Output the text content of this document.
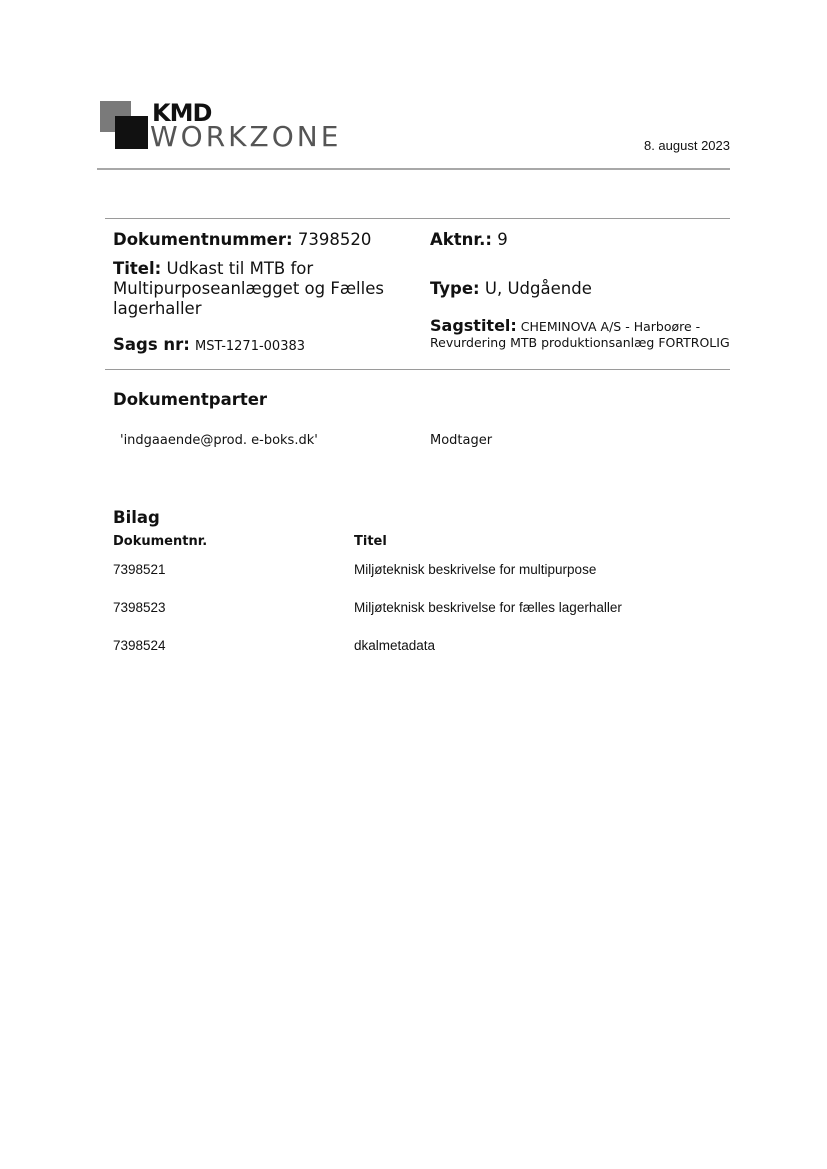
KMD
WORKZONE	8. august 2023
Dokumentnummer: 7398520
Titel: Udkast til MTB for Multipurposeanlægget og Fælles lagerhaller
Sags nr: MST-1271-00383
Aktnr.: 9
Type: U, Udgående
Sagstitel: CHEMINOVA A/S - Harboøre - Revurdering MTB produktionsanlæg FORTROLIG
Dokumentparter
'indgaaende@prod. e-boks.dk'	Modtager
Bilag
Dokumentnr.	Titel
7398521	Miljøteknisk beskrivelse for multipurpose
7398523	Miljøteknisk beskrivelse for fælles lagerhaller
7398524	dkalmetadata
